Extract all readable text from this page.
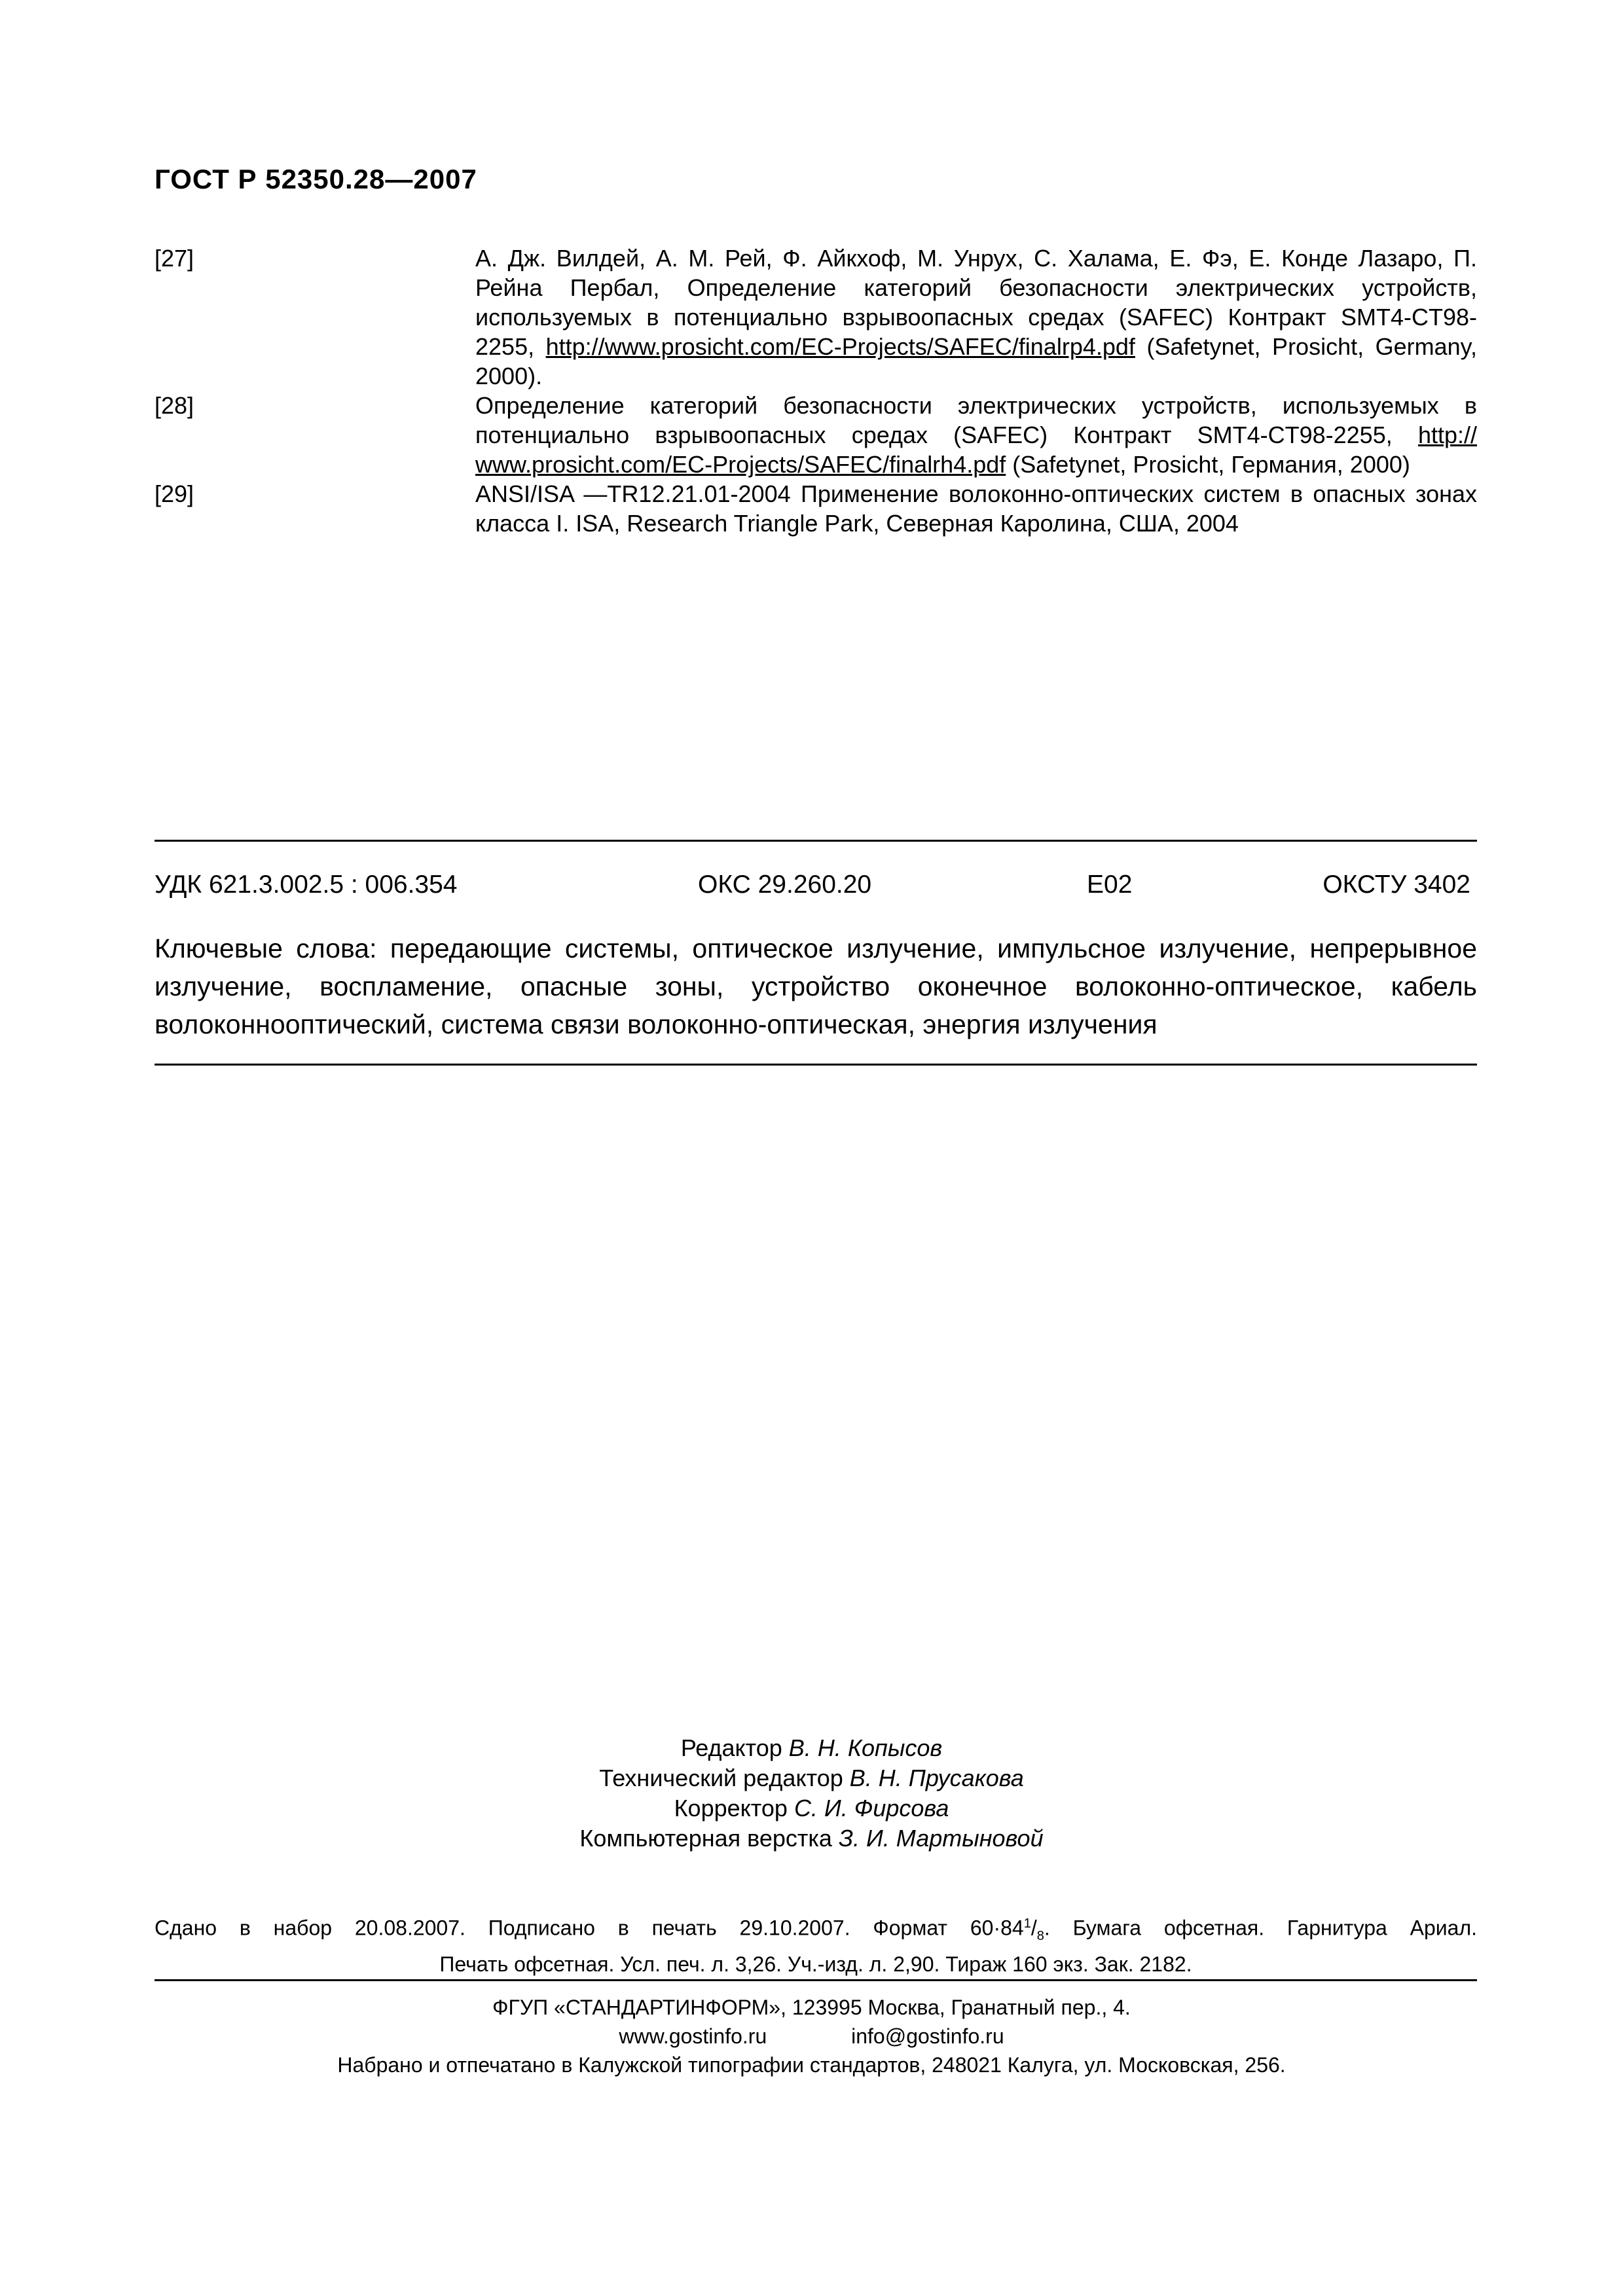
ГОСТ Р 52350.28—2007
[27]	А. Дж. Вилдей, А. М. Рей, Ф. Айкхоф, М. Унрух, С. Халама, Е. Фэ, Е. Конде Лазаро, П. Рейна Пербал, Определение категорий безопасности электрических устройств, используемых в потенциально взрывоопасных средах (SAFEC) Контракт SMT4-CT98-2255, http://www.prosicht.com/EC-Projects/SAFEC/finalrp4.pdf (Safetynet, Prosicht, Germany, 2000).
[28]	Определение категорий безопасности электрических устройств, используемых в потенциально взрывоопасных средах (SAFEC) Контракт SMT4-CT98-2255, http:// www.prosicht.com/EC-Projects/SAFEC/finalrh4.pdf (Safetynet, Prosicht, Германия, 2000)
[29]	ANSI/ISA —TR12.21.01-2004 Применение волоконно-оптических систем в опасных зонах класса I. ISA, Research Triangle Park, Северная Каролина, США, 2004
УДК 621.3.002.5 : 006.354	ОКС 29.260.20	Е02	ОКСТУ 3402
Ключевые слова: передающие системы, оптическое излучение, импульсное излучение, непрерывное излучение, воспламение, опасные зоны, устройство оконечное волоконно-оптическое, кабель волоконнооптический, система связи волоконно-оптическая, энергия излучения
Редактор В. Н. Копысов
Технический редактор В. Н. Прусакова
Корректор С. И. Фирсова
Компьютерная верстка З. И. Мартыновой
Сдано в набор 20.08.2007. Подписано в печать 29.10.2007. Формат $60\cdot 84^1/_8$. Бумага офсетная. Гарнитура Ариал.
Печать офсетная. Усл. печ. л. 3,26. Уч.-изд. л. 2,90. Тираж 160 экз. Зак. 2182.
ФГУП «СТАНДАРТИНФОРМ», 123995 Москва, Гранатный пер., 4.
www.gostinfo.ru	info@gostinfo.ru
Набрано и отпечатано в Калужской типографии стандартов, 248021 Калуга, ул. Московская, 256.
